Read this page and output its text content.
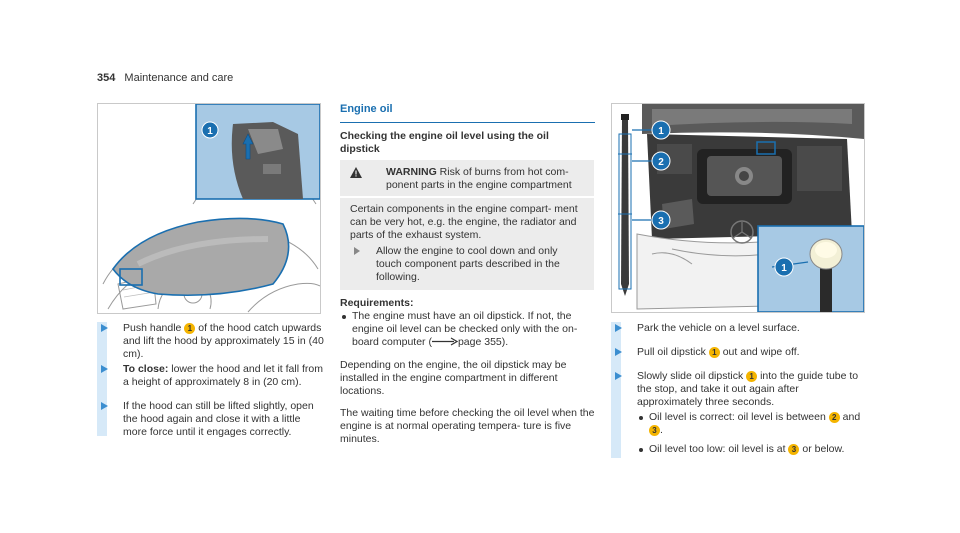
354 Maintenance and care
1
Push handle 1 of the hood catch upwards and lift the hood by approximately 15 in (40 cm).
To close: lower the hood and let it fall from a height of approximately 8 in (20 cm).
If the hood can still be lifted slightly, open the hood again and close it with a little more force until it engages correctly.
Engine oil
Checking the engine oil level using the oil dipstick
WARNING Risk of burns from hot com- ponent parts in the engine compartment
Certain components in the engine compart- ment can be very hot, e.g. the engine, the radiator and parts of the exhaust system.
Allow the engine to cool down and only touch component parts described in the following.
Requirements:
The engine must have an oil dipstick. If not, the engine oil level can be checked only with the on-board computer ( page 355).
Depending on the engine, the oil dipstick may be installed in the engine compartment in different locations.
The waiting time before checking the oil level when the engine is at normal operating tempera- ture is five minutes.
1
2
3
1
Park the vehicle on a level surface.
Pull oil dipstick 1 out and wipe off.
Slowly slide oil dipstick 1 into the guide tube to the stop, and take it out again after approximately three seconds.
Oil level is correct: oil level is between 2 and 3 .
Oil level too low: oil level is at 3 or below.
